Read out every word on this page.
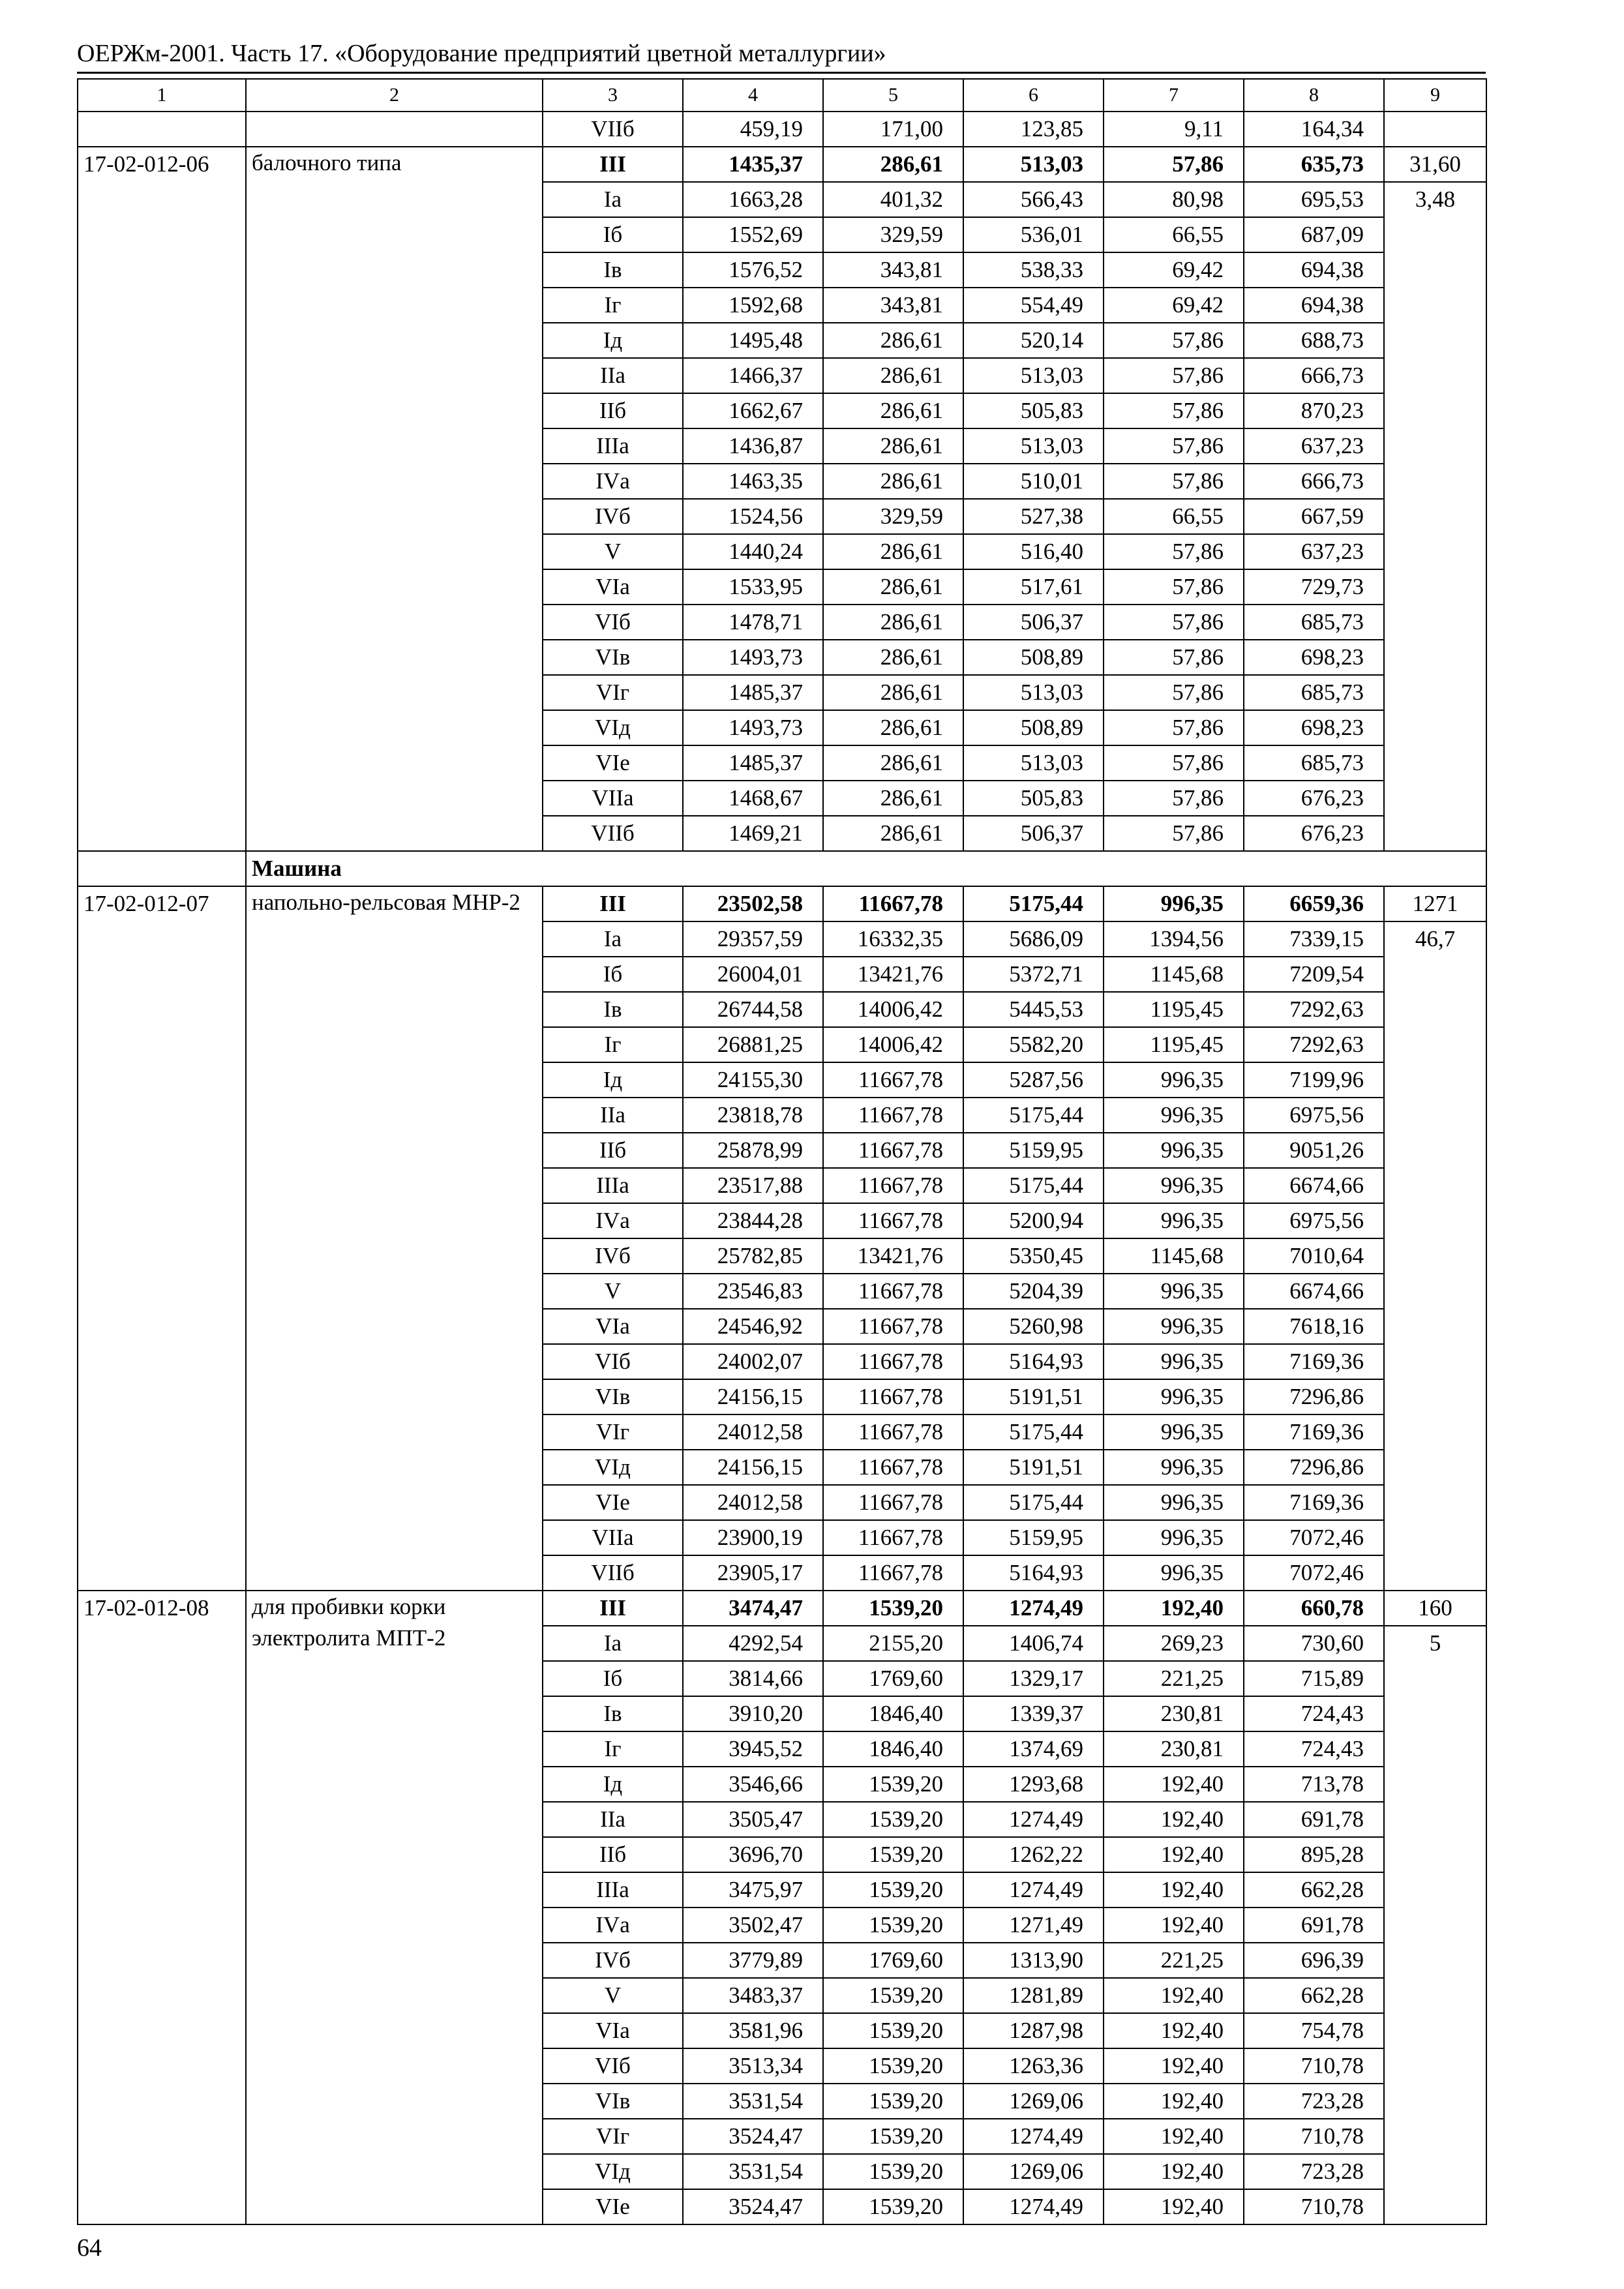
ОЕРЖм-2001. Часть 17. «Оборудование предприятий цветной металлургии»
1	2	3	4	5	6	7	8	9
		VIIб	459,19	171,00	123,85	9,11	164,34	
17-02-012-06	балочного типа	III	1435,37	286,61	513,03	57,86	635,73	31,60
		Iа	1663,28	401,32	566,43	80,98	695,53	3,48
		Iб	1552,69	329,59	536,01	66,55	687,09	
		Iв	1576,52	343,81	538,33	69,42	694,38	
		Iг	1592,68	343,81	554,49	69,42	694,38	
		Iд	1495,48	286,61	520,14	57,86	688,73	
		IIа	1466,37	286,61	513,03	57,86	666,73	
		IIб	1662,67	286,61	505,83	57,86	870,23	
		IIIа	1436,87	286,61	513,03	57,86	637,23	
		IVа	1463,35	286,61	510,01	57,86	666,73	
		IVб	1524,56	329,59	527,38	66,55	667,59	
		V	1440,24	286,61	516,40	57,86	637,23	
		VIа	1533,95	286,61	517,61	57,86	729,73	
		VIб	1478,71	286,61	506,37	57,86	685,73	
		VIв	1493,73	286,61	508,89	57,86	698,23	
		VIг	1485,37	286,61	513,03	57,86	685,73	
		VIд	1493,73	286,61	508,89	57,86	698,23	
		VIе	1485,37	286,61	513,03	57,86	685,73	
		VIIа	1468,67	286,61	505,83	57,86	676,23	
		VIIб	1469,21	286,61	506,37	57,86	676,23	
	Машина							
17-02-012-07	напольно-рельсовая МНР-2	III	23502,58	11667,78	5175,44	996,35	6659,36	1271
		Iа	29357,59	16332,35	5686,09	1394,56	7339,15	46,7
		Iб	26004,01	13421,76	5372,71	1145,68	7209,54	
		Iв	26744,58	14006,42	5445,53	1195,45	7292,63	
		Iг	26881,25	14006,42	5582,20	1195,45	7292,63	
		Iд	24155,30	11667,78	5287,56	996,35	7199,96	
		IIа	23818,78	11667,78	5175,44	996,35	6975,56	
		IIб	25878,99	11667,78	5159,95	996,35	9051,26	
		IIIа	23517,88	11667,78	5175,44	996,35	6674,66	
		IVа	23844,28	11667,78	5200,94	996,35	6975,56	
		IVб	25782,85	13421,76	5350,45	1145,68	7010,64	
		V	23546,83	11667,78	5204,39	996,35	6674,66	
		VIа	24546,92	11667,78	5260,98	996,35	7618,16	
		VIб	24002,07	11667,78	5164,93	996,35	7169,36	
		VIв	24156,15	11667,78	5191,51	996,35	7296,86	
		VIг	24012,58	11667,78	5175,44	996,35	7169,36	
		VIд	24156,15	11667,78	5191,51	996,35	7296,86	
		VIе	24012,58	11667,78	5175,44	996,35	7169,36	
		VIIа	23900,19	11667,78	5159,95	996,35	7072,46	
		VIIб	23905,17	11667,78	5164,93	996,35	7072,46	
17-02-012-08	для пробивки корки электролита МПТ-2	III	3474,47	1539,20	1274,49	192,40	660,78	160
		Iа	4292,54	2155,20	1406,74	269,23	730,60	5
		Iб	3814,66	1769,60	1329,17	221,25	715,89	
		Iв	3910,20	1846,40	1339,37	230,81	724,43	
		Iг	3945,52	1846,40	1374,69	230,81	724,43	
		Iд	3546,66	1539,20	1293,68	192,40	713,78	
		IIа	3505,47	1539,20	1274,49	192,40	691,78	
		IIб	3696,70	1539,20	1262,22	192,40	895,28	
		IIIа	3475,97	1539,20	1274,49	192,40	662,28	
		IVа	3502,47	1539,20	1271,49	192,40	691,78	
		IVб	3779,89	1769,60	1313,90	221,25	696,39	
		V	3483,37	1539,20	1281,89	192,40	662,28	
		VIа	3581,96	1539,20	1287,98	192,40	754,78	
		VIб	3513,34	1539,20	1263,36	192,40	710,78	
		VIв	3531,54	1539,20	1269,06	192,40	723,28	
		VIг	3524,47	1539,20	1274,49	192,40	710,78	
		VIд	3531,54	1539,20	1269,06	192,40	723,28	
		VIе	3524,47	1539,20	1274,49	192,40	710,78	
64
